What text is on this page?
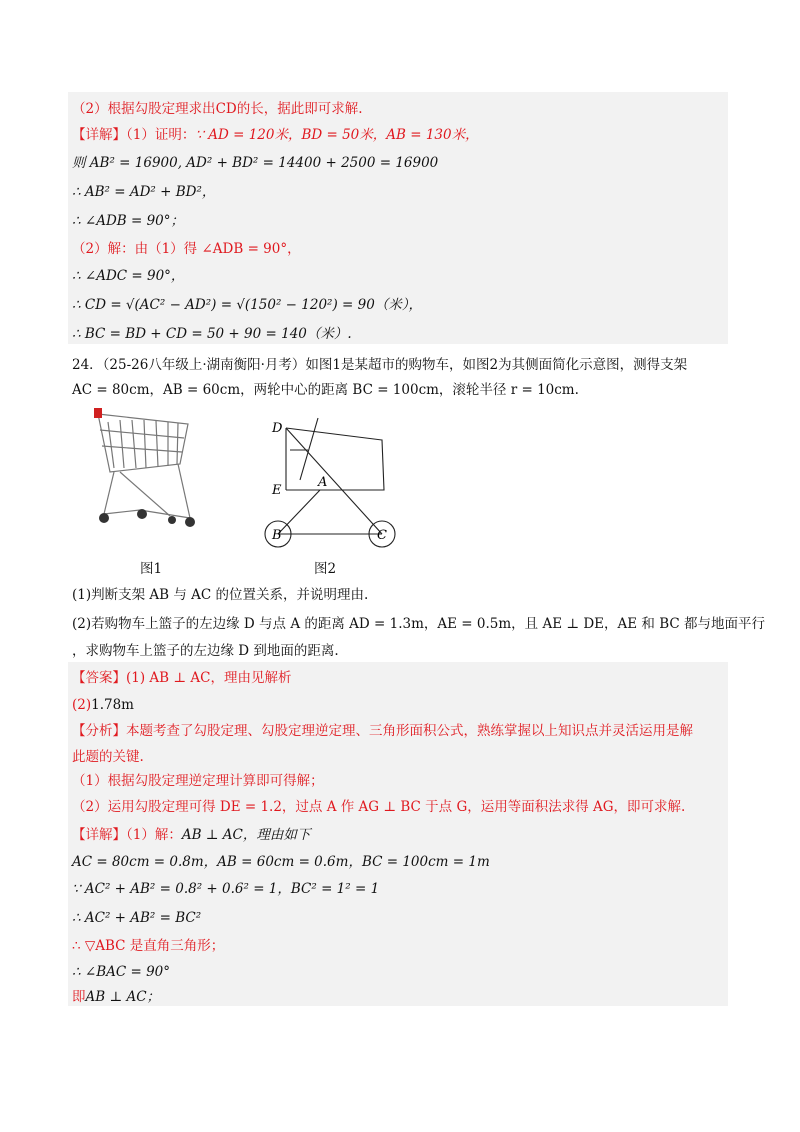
（2）根据勾股定理求出CD的长，据此即可求解.
【详解】（1）证明：∵ AD = 120米，BD = 50米，AB = 130米，
则 AB² = 16900, AD² + BD² = 14400 + 2500 = 16900
∴ AB² = AD² + BD²，
∴ ∠ADB = 90°；
（2）解：由（1）得 ∠ADB = 90°，
∴ ∠ADC = 90°，
∴ CD = √(AC² − AD²) = √(150² − 120²) = 90（米），
∴ BC = BD + CD = 50 + 90 = 140（米）.
24．（25-26八年级上·湖南衡阳·月考）如图1是某超市的购物车，如图2为其侧面简化示意图，测得支架
AC = 80cm，AB = 60cm，两轮中心的距离 BC = 100cm，滚轮半径 r = 10cm.
D
E
A
B	C
图1	图2
(1)判断支架 AB 与 AC 的位置关系，并说明理由.
(2)若购物车上篮子的左边缘 D 与点 A 的距离 AD = 1.3m，AE = 0.5m，且 AE ⊥ DE，AE 和 BC 都与地面平行
，求购物车上篮子的左边缘 D 到地面的距离.
【答案】(1) AB ⊥ AC，理由见解析
(2)1.78m
【分析】本题考查了勾股定理、勾股定理逆定理、三角形面积公式，熟练掌握以上知识点并灵活运用是解
此题的关键.
（1）根据勾股定理逆定理计算即可得解；
（2）运用勾股定理可得 DE = 1.2，过点 A 作 AG ⊥ BC 于点 G，运用等面积法求得 AG，即可求解.
【详解】（1）解：AB ⊥ AC，理由如下
AC = 80cm = 0.8m，AB = 60cm = 0.6m，BC = 100cm = 1m
∵ AC² + AB² = 0.8² + 0.6² = 1，BC² = 1² = 1
∴ AC² + AB² = BC²
∴ ▽ABC 是直角三角形；
∴ ∠BAC = 90°
即AB ⊥ AC；
